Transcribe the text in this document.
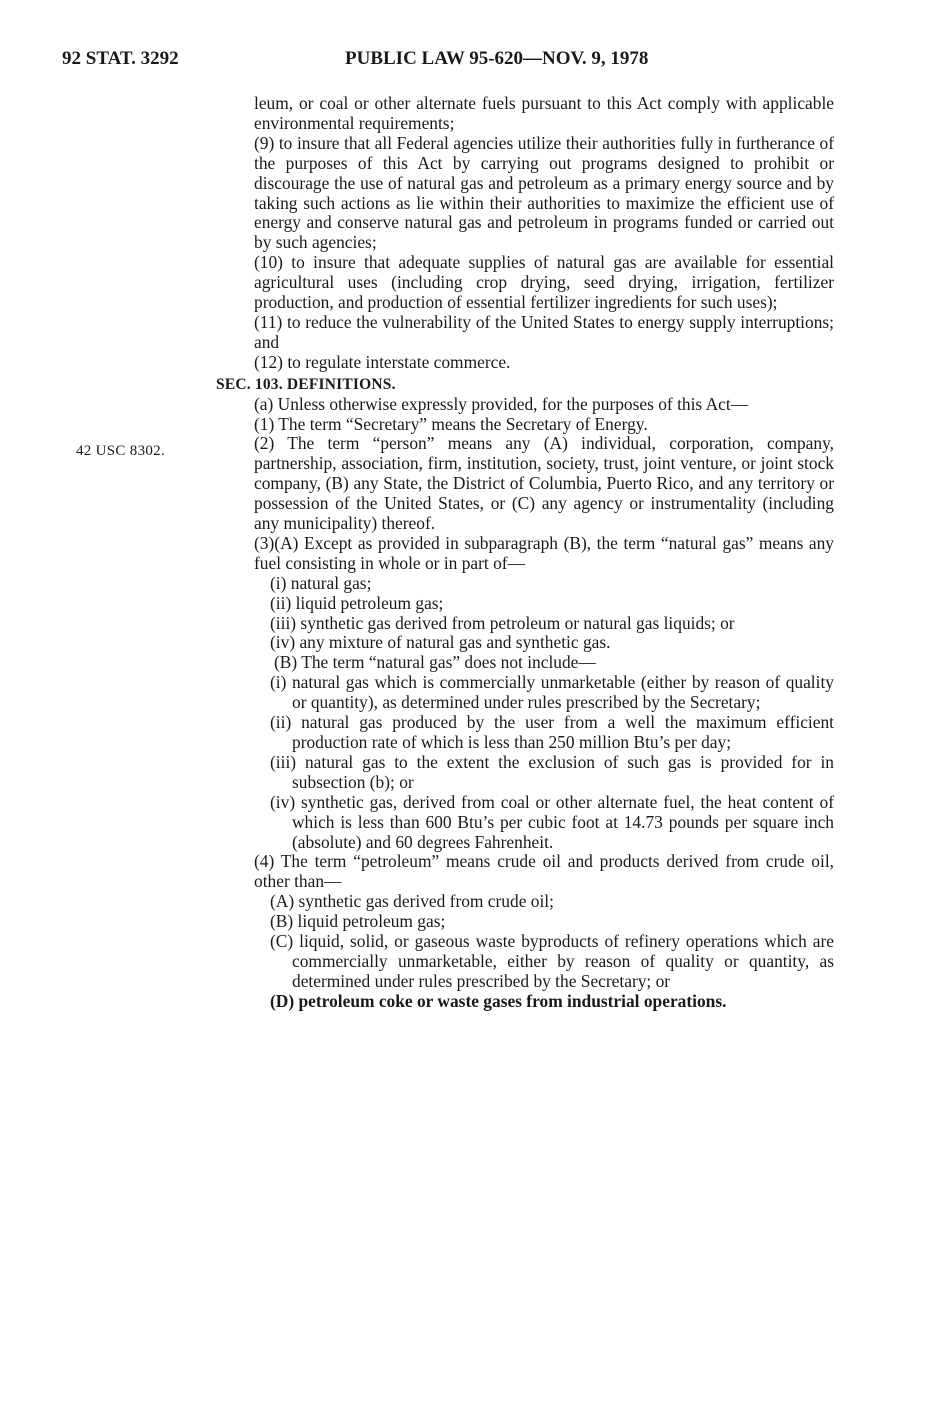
92 STAT. 3292	PUBLIC LAW 95-620—NOV. 9, 1978
42 USC 8302.

leum, or coal or other alternate fuels pursuant to this Act comply with applicable environmental requirements;

(9) to insure that all Federal agencies utilize their authorities fully in furtherance of the purposes of this Act by carrying out programs designed to prohibit or discourage the use of natural gas and petroleum as a primary energy source and by taking such actions as lie within their authorities to maximize the efficient use of energy and conserve natural gas and petroleum in programs funded or carried out by such agencies;

(10) to insure that adequate supplies of natural gas are available for essential agricultural uses (including crop drying, seed drying, irrigation, fertilizer production, and production of essential fertilizer ingredients for such uses);

(11) to reduce the vulnerability of the United States to energy supply interruptions; and

(12) to regulate interstate commerce.

SEC. 103. DEFINITIONS.

(a) Unless otherwise expressly provided, for the purposes of this Act—

(1) The term “Secretary” means the Secretary of Energy.

(2) The term “person” means any (A) individual, corporation, company, partnership, association, firm, institution, society, trust, joint venture, or joint stock company, (B) any State, the District of Columbia, Puerto Rico, and any territory or possession of the United States, or (C) any agency or instrumentality (including any municipality) thereof.

(3)(A) Except as provided in subparagraph (B), the term “natural gas” means any fuel consisting in whole or in part of—

(i) natural gas;

(ii) liquid petroleum gas;

(iii) synthetic gas derived from petroleum or natural gas liquids; or

(iv) any mixture of natural gas and synthetic gas.

(B) The term “natural gas” does not include—

(i) natural gas which is commercially unmarketable (either by reason of quality or quantity), as determined under rules prescribed by the Secretary;

(ii) natural gas produced by the user from a well the maximum efficient production rate of which is less than 250 million Btu’s per day;

(iii) natural gas to the extent the exclusion of such gas is provided for in subsection (b); or

(iv) synthetic gas, derived from coal or other alternate fuel, the heat content of which is less than 600 Btu’s per cubic foot at 14.73 pounds per square inch (absolute) and 60 degrees Fahrenheit.

(4) The term “petroleum” means crude oil and products derived from crude oil, other than—

(A) synthetic gas derived from crude oil;

(B) liquid petroleum gas;

(C) liquid, solid, or gaseous waste byproducts of refinery operations which are commercially unmarketable, either by reason of quality or quantity, as determined under rules prescribed by the Secretary; or

(D) petroleum coke or waste gases from industrial operations.
